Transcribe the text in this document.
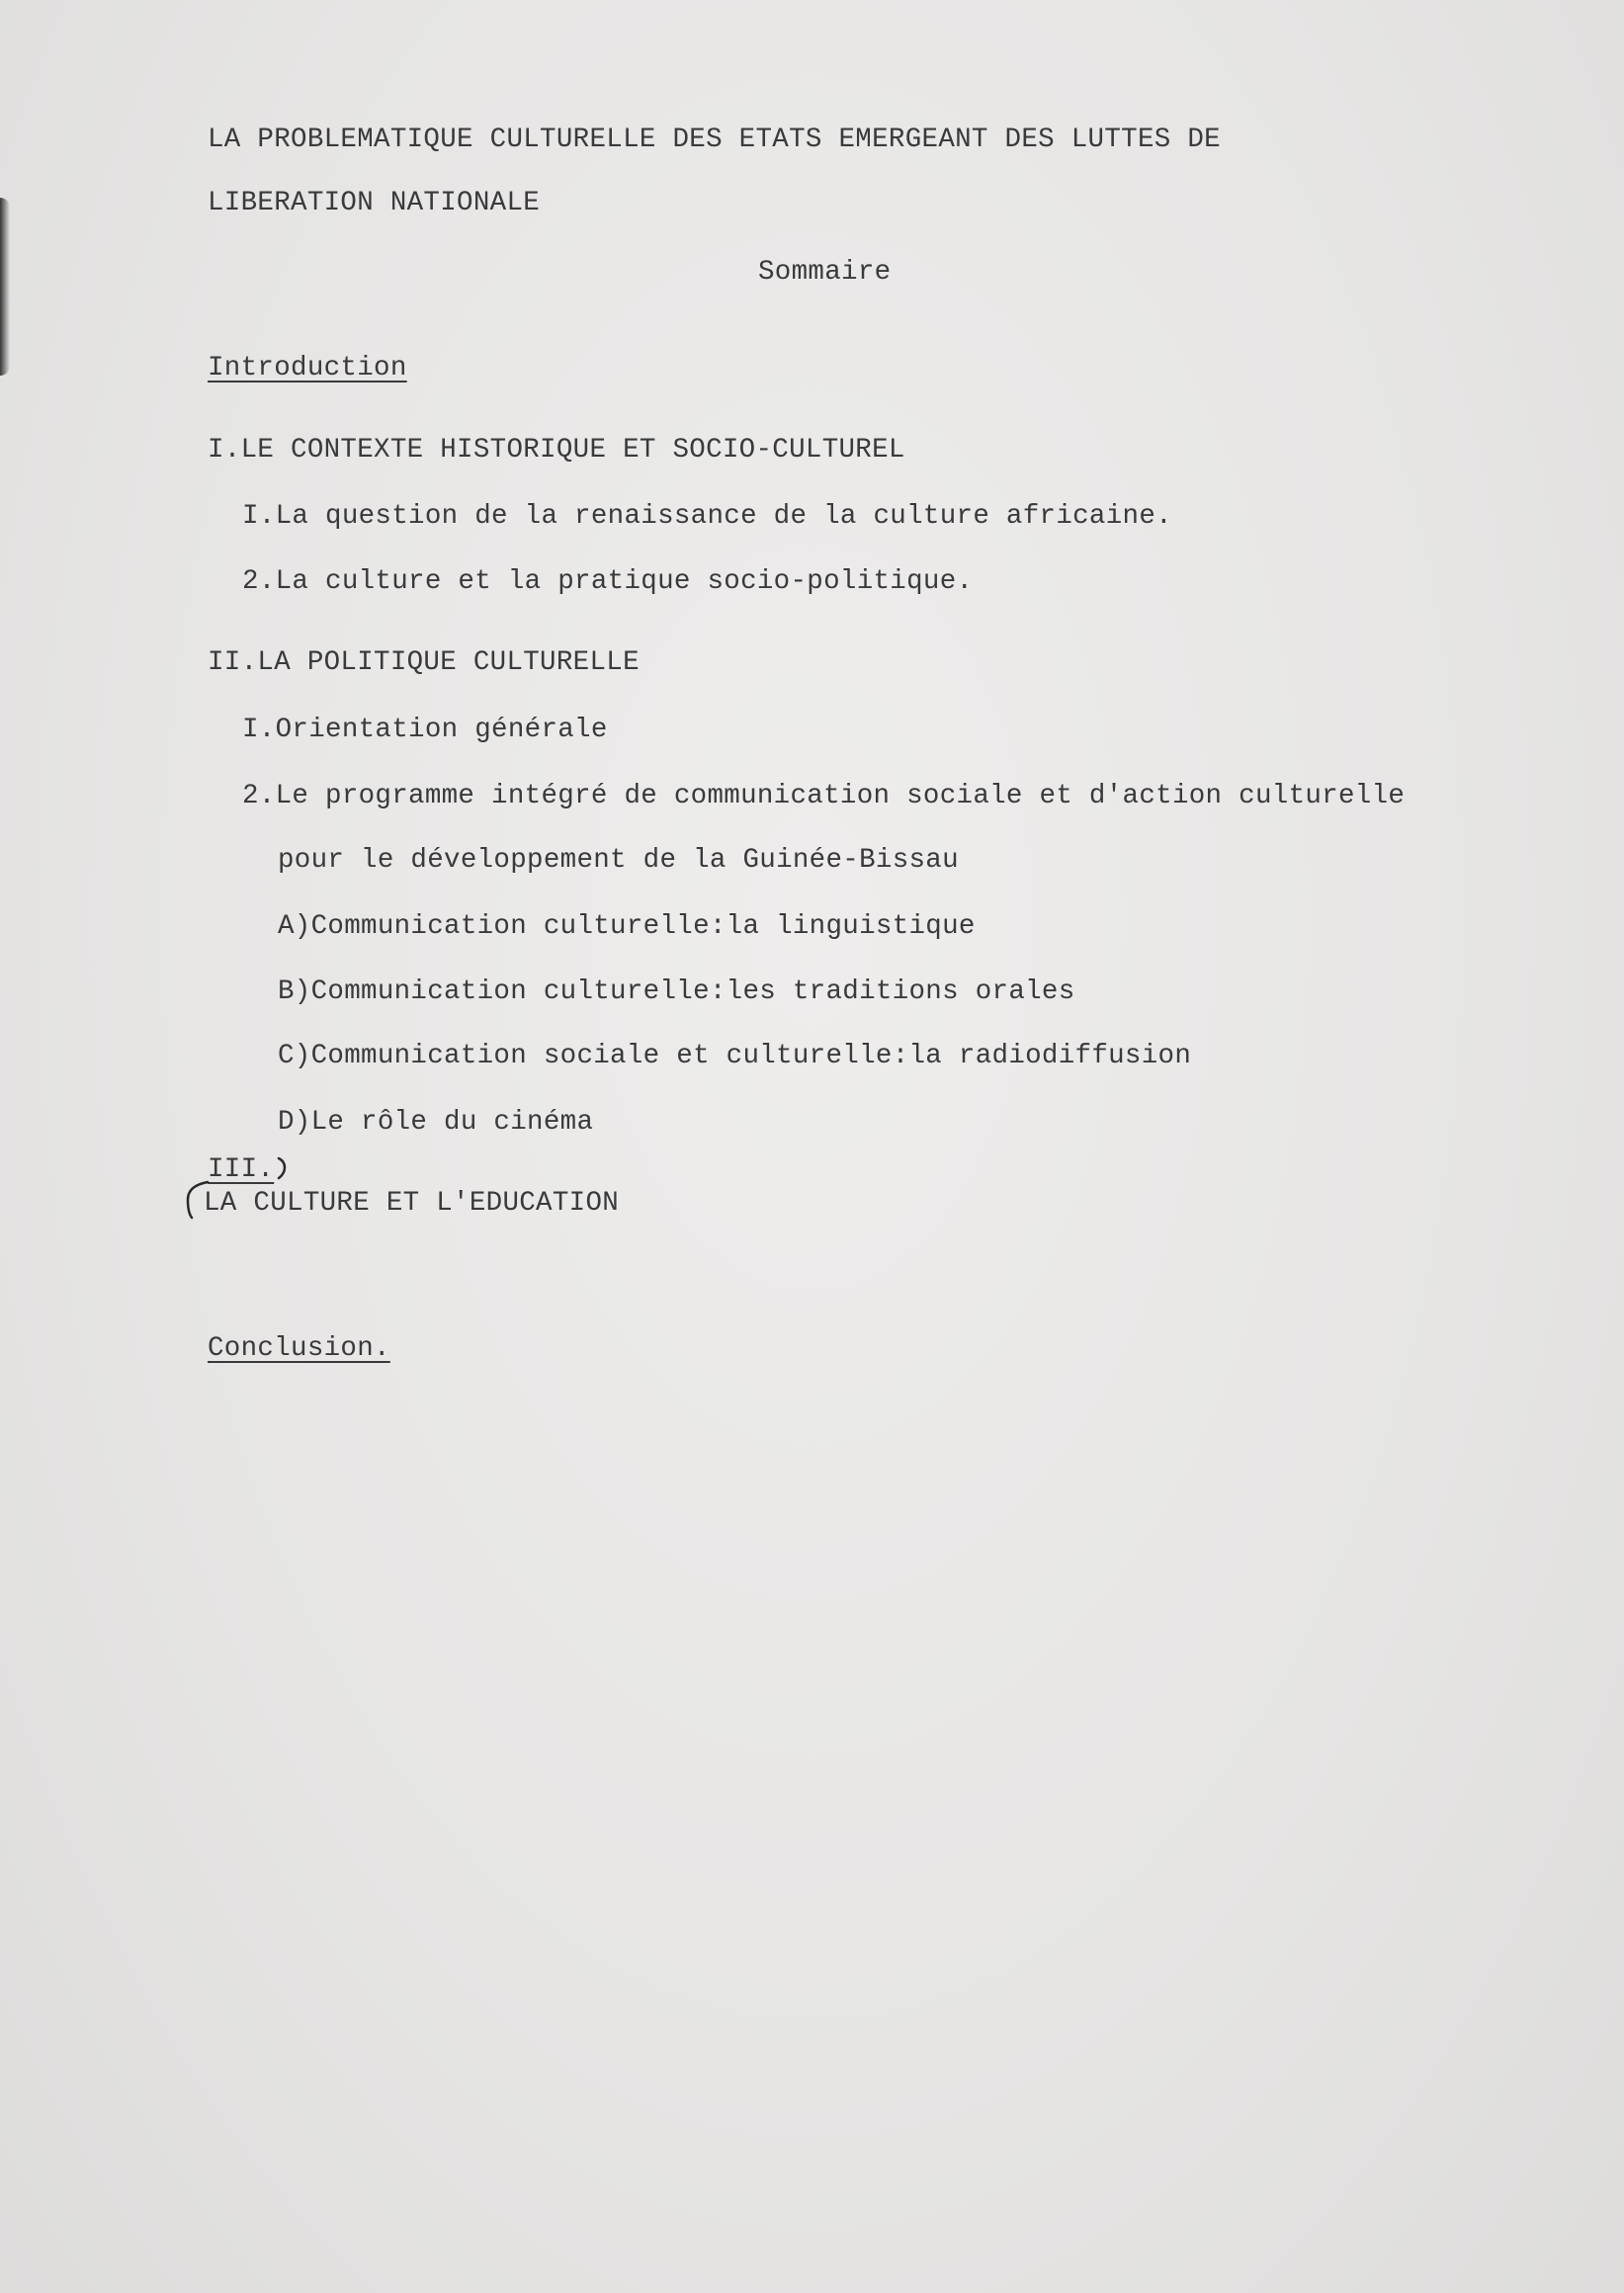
LA PROBLEMATIQUE CULTURELLE DES ETATS EMERGEANT DES LUTTES DE
LIBERATION NATIONALE
Sommaire
Introduction
I.LE CONTEXTE HISTORIQUE ET SOCIO-CULTUREL
I.La question de la renaissance de la culture africaine.
2.La culture et la pratique socio-politique.
II.LA POLITIQUE CULTURELLE
I.Orientation générale
2.Le programme intégré de communication sociale et d'action culturelle
pour le développement de la Guinée-Bissau
A)Communication culturelle:la linguistique
B)Communication culturelle:les traditions orales
C)Communication sociale et culturelle:la radiodiffusion
D)Le rôle du cinéma
III.
LA CULTURE ET L'EDUCATION
Conclusion.
